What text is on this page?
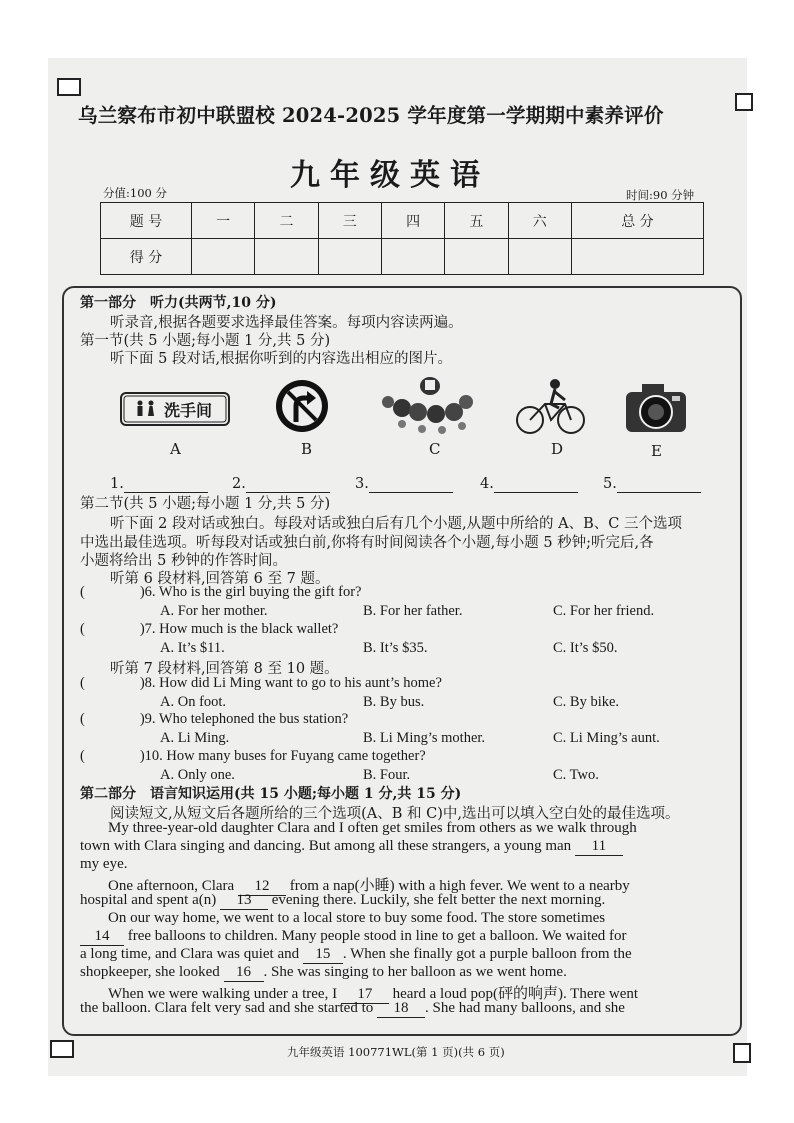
乌兰察布市初中联盟校 2024-2025 学年度第一学期期中素养评价
九年级英语
分值:100 分	时间:90 分钟
题 号	一	二	三	四	五	六	总 分
得 分							
第一部分　听力(共两节,10 分)
听录音,根据各题要求选择最佳答案。每项内容读两遍。
第一节(共 5 小题;每小题 1 分,共 5 分)
听下面 5 段对话,根据你听到的内容选出相应的图片。
洗手间
A	B	C	D	E
1.	2.	3.	4.	5.
第二节(共 5 小题;每小题 1 分,共 5 分)
听下面 2 段对话或独白。每段对话或独白后有几个小题,从题中所给的 A、B、C 三个选项
中选出最佳选项。听每段对话或独白前,你将有时间阅读各个小题,每小题 5 秒钟;听完后,各
小题将给出 5 秒钟的作答时间。
听第 6 段材料,回答第 6 至 7 题。
(	)6. Who is the girl buying the gift for?
A. For her mother.	B. For her father.	C. For her friend.
(	)7. How much is the black wallet?
A. It’s $11.	B. It’s $35.	C. It’s $50.
听第 7 段材料,回答第 8 至 10 题。
(	)8. How did Li Ming want to go to his aunt’s home?
A. On foot.	B. By bus.	C. By bike.
(	)9. Who telephoned the bus station?
A. Li Ming.	B. Li Ming’s mother.	C. Li Ming’s aunt.
(	)10. How many buses for Fuyang came together?
A. Only one.	B. Four.	C. Two.
第二部分　语言知识运用(共 15 小题;每小题 1 分,共 15 分)
阅读短文,从短文后各题所给的三个选项(A、B 和 C)中,选出可以填入空白处的最佳选项。
My three-year-old daughter Clara and I often get smiles from others as we walk through
town with Clara singing and dancing. But among all these strangers, a young man 11
my eye.
One afternoon, Clara 12 from a nap(小睡) with a high fever. We went to a nearby
hospital and spent a(n) 13 evening there. Luckily, she felt better the next morning.
On our way home, we went to a local store to buy some food. The store sometimes
14 free balloons to children. Many people stood in line to get a balloon. We waited for
a long time, and Clara was quiet and 15 . When she finally got a purple balloon from the
shopkeeper, she looked 16 . She was singing to her balloon as we went home.
When we were walking under a tree, I 17 heard a loud pop(砰的响声). There went
the balloon. Clara felt very sad and she started to 18 . She had many balloons, and she
九年级英语 100771WL(第 1 页)(共 6 页)
